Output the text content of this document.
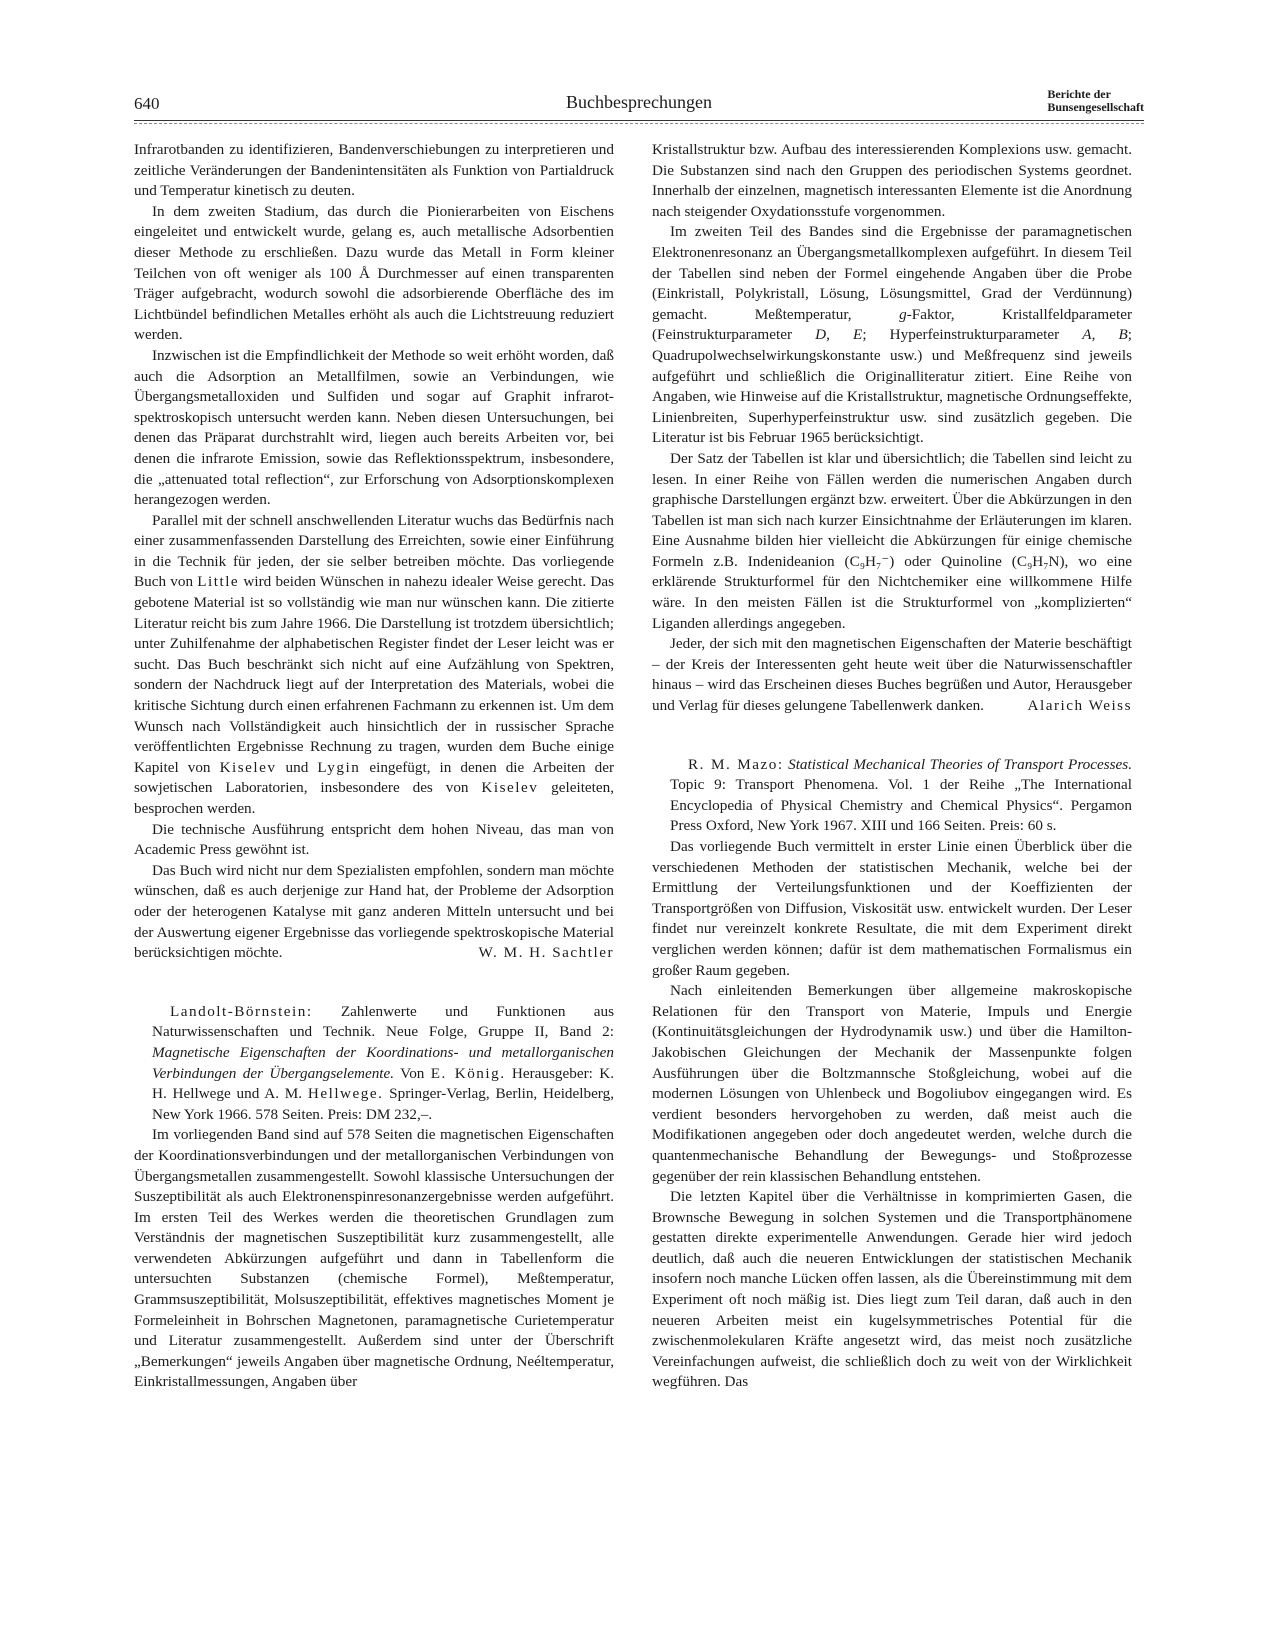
640	Buchbesprechungen	Berichte der
Bunsengesellschaft

Infrarotbanden zu identifizieren, Bandenverschiebungen zu interpretieren und zeitliche Veränderungen der Bandenintensitäten als Funktion von Partialdruck und Temperatur kinetisch zu deuten.

In dem zweiten Stadium, das durch die Pionierarbeiten von Eischens eingeleitet und entwickelt wurde, gelang es, auch metallische Adsorbentien dieser Methode zu erschließen. Dazu wurde das Metall in Form kleiner Teilchen von oft weniger als 100 Å Durchmesser auf einen transparenten Träger aufgebracht, wodurch sowohl die adsorbierende Oberfläche des im Lichtbündel befindlichen Metalles erhöht als auch die Lichtstreuung reduziert werden.

Inzwischen ist die Empfindlichkeit der Methode so weit erhöht worden, daß auch die Adsorption an Metallfilmen, sowie an Verbindungen, wie Übergangsmetalloxiden und Sulfiden und sogar auf Graphit infrarot-spektroskopisch untersucht werden kann. Neben diesen Untersuchungen, bei denen das Präparat durchstrahlt wird, liegen auch bereits Arbeiten vor, bei denen die infrarote Emission, sowie das Reflektionsspektrum, insbesondere, die „attenuated total reflection“, zur Erforschung von Adsorptionskomplexen herangezogen werden.

Parallel mit der schnell anschwellenden Literatur wuchs das Bedürfnis nach einer zusammenfassenden Darstellung des Erreichten, sowie einer Einführung in die Technik für jeden, der sie selber betreiben möchte. Das vorliegende Buch von Little wird beiden Wünschen in nahezu idealer Weise gerecht. Das gebotene Material ist so vollständig wie man nur wünschen kann. Die zitierte Literatur reicht bis zum Jahre 1966. Die Darstellung ist trotzdem übersichtlich; unter Zuhilfenahme der alphabetischen Register findet der Leser leicht was er sucht. Das Buch beschränkt sich nicht auf eine Aufzählung von Spektren, sondern der Nachdruck liegt auf der Interpretation des Materials, wobei die kritische Sichtung durch einen erfahrenen Fachmann zu erkennen ist. Um dem Wunsch nach Vollständigkeit auch hinsichtlich der in russischer Sprache veröffentlichten Ergebnisse Rechnung zu tragen, wurden dem Buche einige Kapitel von Kiselev und Lygin eingefügt, in denen die Arbeiten der sowjetischen Laboratorien, insbesondere des von Kiselev geleiteten, besprochen werden.

Die technische Ausführung entspricht dem hohen Niveau, das man von Academic Press gewöhnt ist.

Das Buch wird nicht nur dem Spezialisten empfohlen, sondern man möchte wünschen, daß es auch derjenige zur Hand hat, der Probleme der Adsorption oder der heterogenen Katalyse mit ganz anderen Mitteln untersucht und bei der Auswertung eigener Ergebnisse das vorliegende spektroskopische Material berücksichtigen möchte.	W. M. H. Sachtler

Landolt-Börnstein: Zahlenwerte und Funktionen aus Naturwissenschaften und Technik. Neue Folge, Gruppe II, Band 2: Magnetische Eigenschaften der Koordinations- und metallorganischen Verbindungen der Übergangselemente. Von E. König. Herausgeber: K. H. Hellwege und A. M. Hellwege. Springer-Verlag, Berlin, Heidelberg, New York 1966. 578 Seiten. Preis: DM 232,–.

Im vorliegenden Band sind auf 578 Seiten die magnetischen Eigenschaften der Koordinationsverbindungen und der metallorganischen Verbindungen von Übergangsmetallen zusammengestellt. Sowohl klassische Untersuchungen der Suszeptibilität als auch Elektronenspinresonanzergebnisse werden aufgeführt. Im ersten Teil des Werkes werden die theoretischen Grundlagen zum Verständnis der magnetischen Suszeptibilität kurz zusammengestellt, alle verwendeten Abkürzungen aufgeführt und dann in Tabellenform die untersuchten Substanzen (chemische Formel), Meßtemperatur, Grammsuszeptibilität, Molsuszeptibilität, effektives magnetisches Moment je Formeleinheit in Bohrschen Magnetonen, paramagnetische Curietemperatur und Literatur zusammengestellt. Außerdem sind unter der Überschrift „Bemerkungen“ jeweils Angaben über magnetische Ordnung, Neéltemperatur, Einkristallmessungen, Angaben über

Kristallstruktur bzw. Aufbau des interessierenden Komplexions usw. gemacht. Die Substanzen sind nach den Gruppen des periodischen Systems geordnet. Innerhalb der einzelnen, magnetisch interessanten Elemente ist die Anordnung nach steigender Oxydationsstufe vorgenommen.

Im zweiten Teil des Bandes sind die Ergebnisse der paramagnetischen Elektronenresonanz an Übergangsmetallkomplexen aufgeführt. In diesem Teil der Tabellen sind neben der Formel eingehende Angaben über die Probe (Einkristall, Polykristall, Lösung, Lösungsmittel, Grad der Verdünnung) gemacht. Meßtemperatur, g-Faktor, Kristallfeldparameter (Feinstrukturparameter D, E; Hyperfeinstrukturparameter A, B; Quadrupolwechselwirkungskonstante usw.) und Meßfrequenz sind jeweils aufgeführt und schließlich die Originalliteratur zitiert. Eine Reihe von Angaben, wie Hinweise auf die Kristallstruktur, magnetische Ordnungseffekte, Linienbreiten, Superhyperfeinstruktur usw. sind zusätzlich gegeben. Die Literatur ist bis Februar 1965 berücksichtigt.

Der Satz der Tabellen ist klar und übersichtlich; die Tabellen sind leicht zu lesen. In einer Reihe von Fällen werden die numerischen Angaben durch graphische Darstellungen ergänzt bzw. erweitert. Über die Abkürzungen in den Tabellen ist man sich nach kurzer Einsichtnahme der Erläuterungen im klaren. Eine Ausnahme bilden hier vielleicht die Abkürzungen für einige chemische Formeln z.B. Indenideanion (C₉H₇⁻) oder Quinoline (C₉H₇N), wo eine erklärende Strukturformel für den Nichtchemiker eine willkommene Hilfe wäre. In den meisten Fällen ist die Strukturformel von „komplizierten“ Liganden allerdings angegeben.

Jeder, der sich mit den magnetischen Eigenschaften der Materie beschäftigt – der Kreis der Interessenten geht heute weit über die Naturwissenschaftler hinaus – wird das Erscheinen dieses Buches begrüßen und Autor, Herausgeber und Verlag für dieses gelungene Tabellenwerk danken.	Alarich Weiss

R. M. Mazo: Statistical Mechanical Theories of Transport Processes. Topic 9: Transport Phenomena. Vol. 1 der Reihe „The International Encyclopedia of Physical Chemistry and Chemical Physics“. Pergamon Press Oxford, New York 1967. XIII und 166 Seiten. Preis: 60 s.

Das vorliegende Buch vermittelt in erster Linie einen Überblick über die verschiedenen Methoden der statistischen Mechanik, welche bei der Ermittlung der Verteilungsfunktionen und der Koeffizienten der Transportgrößen von Diffusion, Viskosität usw. entwickelt wurden. Der Leser findet nur vereinzelt konkrete Resultate, die mit dem Experiment direkt verglichen werden können; dafür ist dem mathematischen Formalismus ein großer Raum gegeben.

Nach einleitenden Bemerkungen über allgemeine makroskopische Relationen für den Transport von Materie, Impuls und Energie (Kontinuitätsgleichungen der Hydrodynamik usw.) und über die Hamilton-Jakobischen Gleichungen der Mechanik der Massenpunkte folgen Ausführungen über die Boltzmannsche Stoßgleichung, wobei auf die modernen Lösungen von Uhlenbeck und Bogoliubov eingegangen wird. Es verdient besonders hervorgehoben zu werden, daß meist auch die Modifikationen angegeben oder doch angedeutet werden, welche durch die quantenmechanische Behandlung der Bewegungs- und Stoßprozesse gegenüber der rein klassischen Behandlung entstehen.

Die letzten Kapitel über die Verhältnisse in komprimierten Gasen, die Brownsche Bewegung in solchen Systemen und die Transportphänomene gestatten direkte experimentelle Anwendungen. Gerade hier wird jedoch deutlich, daß auch die neueren Entwicklungen der statistischen Mechanik insofern noch manche Lücken offen lassen, als die Übereinstimmung mit dem Experiment oft noch mäßig ist. Dies liegt zum Teil daran, daß auch in den neueren Arbeiten meist ein kugelsymmetrisches Potential für die zwischenmolekularen Kräfte angesetzt wird, das meist noch zusätzliche Vereinfachungen aufweist, die schließlich doch zu weit von der Wirklichkeit wegführen. Das
